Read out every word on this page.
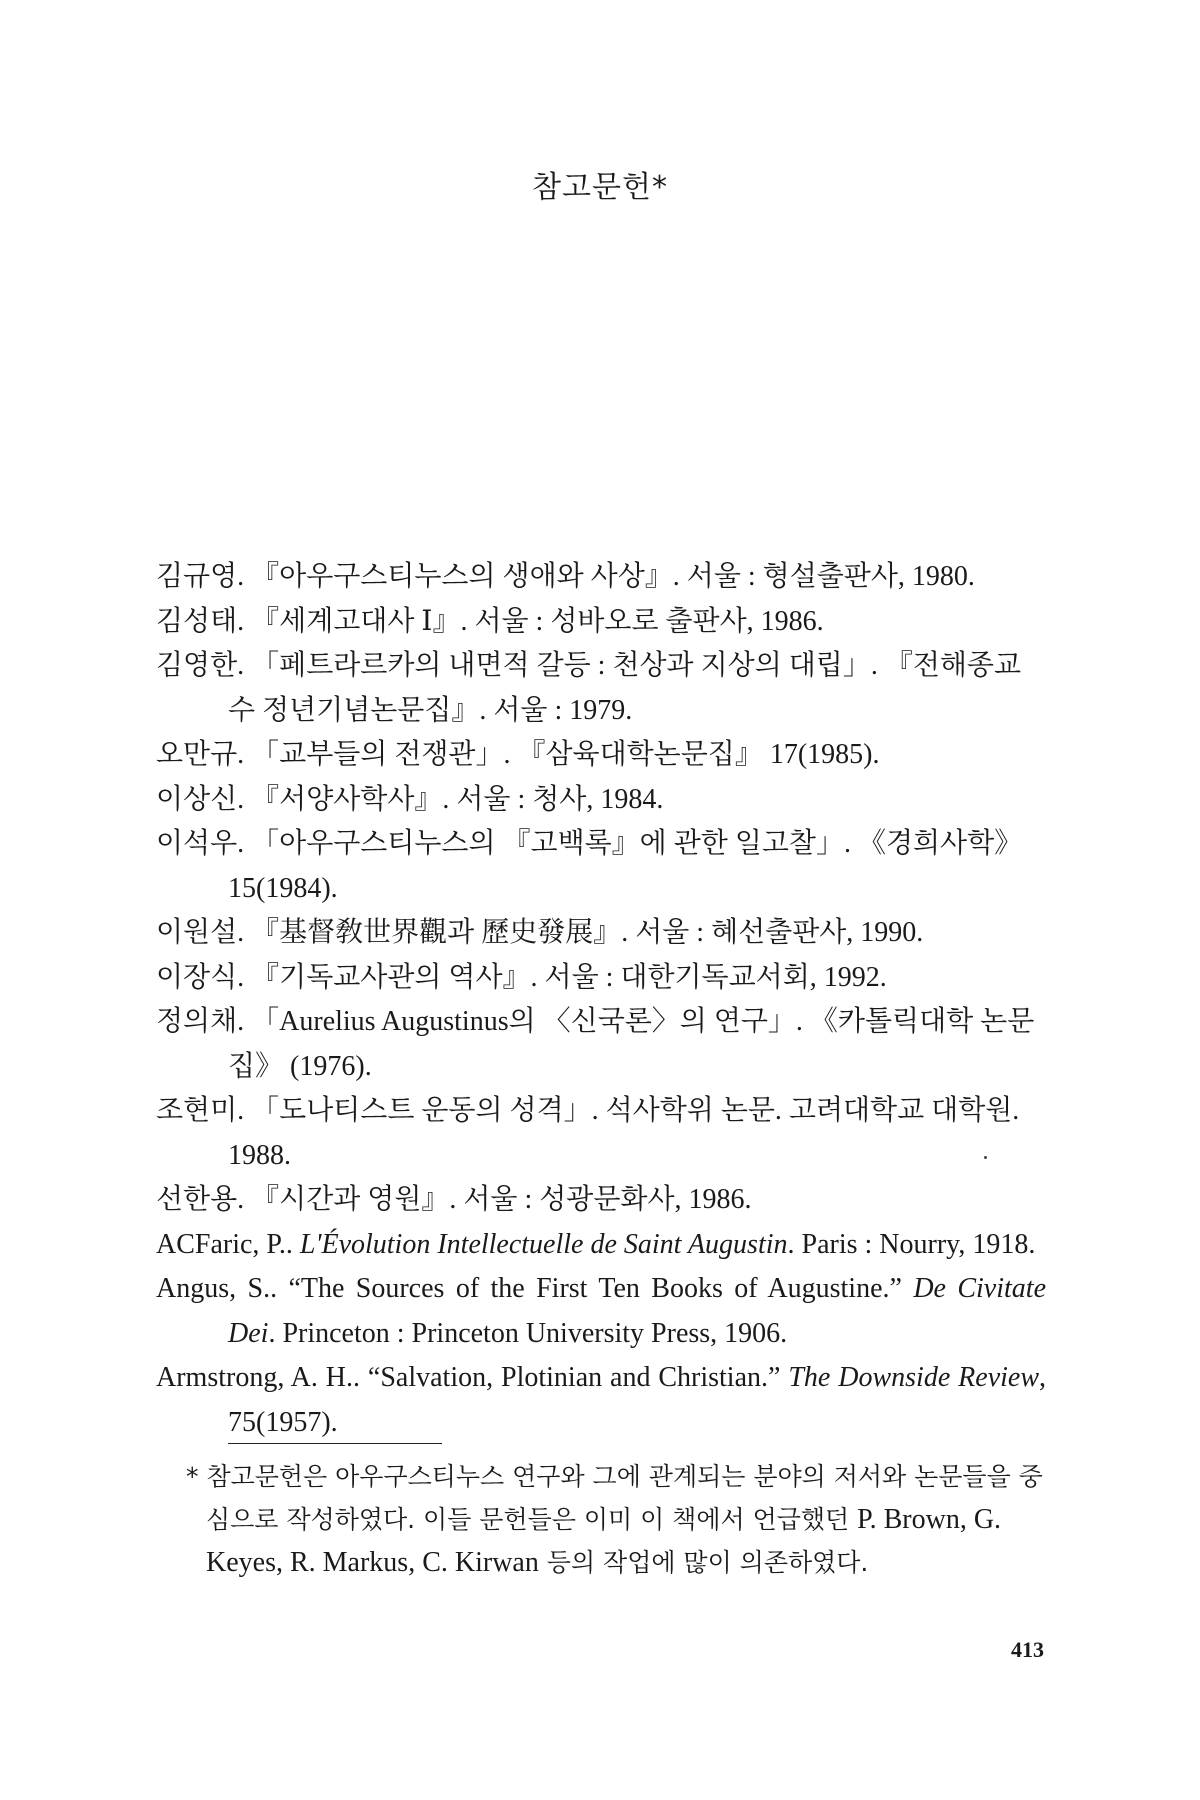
참고문헌*

김규영. 『아우구스티누스의 생애와 사상』. 서울 : 형설출판사, 1980.

김성태. 『세계고대사 Ⅰ』. 서울 : 성바오로 출판사, 1986.

김영한. 「페트라르카의 내면적 갈등 : 천상과 지상의 대립」. 『전해종교수 정년기념논문집』. 서울 : 1979.

오만규. 「교부들의 전쟁관」. 『삼육대학논문집』 17(1985).

이상신. 『서양사학사』. 서울 : 청사, 1984.

이석우. 「아우구스티누스의 『고백록』에 관한 일고찰」. 《경희사학》 15(1984).

이원설. 『基督敎世界觀과 歷史發展』. 서울 : 혜선출판사, 1990.

이장식. 『기독교사관의 역사』. 서울 : 대한기독교서회, 1992.

정의채. 「Aurelius Augustinus의 〈신국론〉의 연구」. 《카톨릭대학 논문집》 (1976).

조현미. 「도나티스트 운동의 성격」. 석사학위 논문. 고려대학교 대학원. 1988.

선한용. 『시간과 영원』. 서울 : 성광문화사, 1986.

ACFaric, P.. L'Évolution Intellectuelle de Saint Augustin. Paris : Nourry, 1918.

Angus, S.. “The Sources of the First Ten Books of Augustine.” De Civitate Dei. Princeton : Princeton University Press, 1906.

Armstrong, A. H.. “Salvation, Plotinian and Christian.” The Downside Review, 75(1957).

* 참고문헌은 아우구스티누스 연구와 그에 관계되는 분야의 저서와 논문들을 중심으로 작성하였다. 이들 문헌들은 이미 이 책에서 언급했던 P. Brown, G. Keyes, R. Markus, C. Kirwan 등의 작업에 많이 의존하였다.
413
